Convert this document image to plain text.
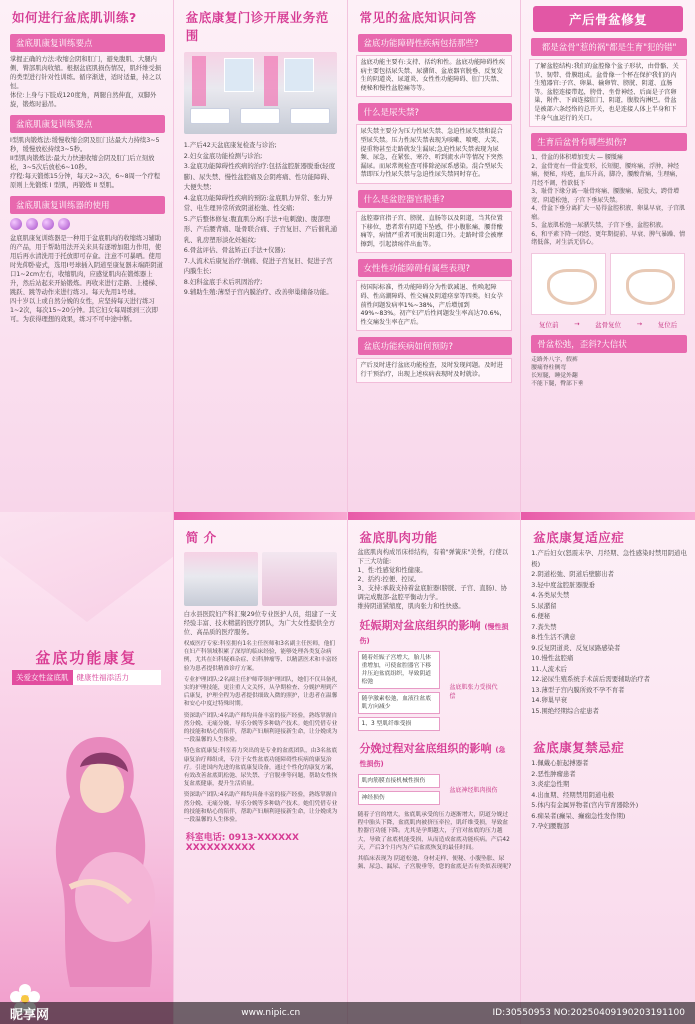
如何进行盆底肌训练?
盆底肌康复训练要点
掌握正确的方法:收缩会阴和肛门，避免腹肌、大腿内侧、臀部肌肉收缩。根据盆底肌损伤情况，肌纤维受损的类型进行针对性训练。循序渐进，适时适量，持之以恒。
体位:上身与下肢成120度角，两腿自然伸直，双脚外旋，锻炼时悬吊。
盆底肌康复训练要点
I型肌肉锻炼法:缓慢收缩会阴及肛门达最大力持续3~5秒，缓慢放松持续3~5秒。
II型肌肉锻炼法:最大力快速收缩会阴及肛门后立刻放松，3~5次后放松6~10秒。
疗程:每天锻炼15分钟，每天2~3次，6~8周一个疗程原则上先锻炼 I 型肌，再锻炼 II 型肌。
盆底肌康复训练器的使用
盆底肌康复训练器是一种用于盆底肌肉的收缩练习辅助的产品，用于帮助用法开关来具有逐增加阻力作用，使用后再水清洗用于托放即可存盒。注意不可暴晒。使用时先仰卧姿式，选用I号球插入阴道至康复器末端距阴道口1~2cm左右，收缩肌肉，应感觉肌肉在锻炼器上升，然后站起来开始锻炼。再收来进行走路、上楼梯、跳跃、跳等动作来进行练习。每天先用1号球。
四十岁以上或自然分娩的女性，应坚持每天进行练习1~2次，每次15~20分钟。其它妇女每周练到三次即可。为获得理想的效果，练习不可中途中断。
盆底康复门诊开展业务范围
1.产后42天盆底康复检查与诊治;
2.妇女盆底功能检测与诊治;
3.盆底功能障碍性疾病的治疗:包括盆腔脏器脱垂(轻度膨)、尿失禁、慢性盆腔痛及会阴疼痛、性功能障碍、大便失禁;
4.盆底功能障碍性疾病的预防:盆底肌力异常、张力异常、电生理异常所致阴道松弛、性交痛;
5.产后整体修复:腹直肌分离(手法+电刺激)、腹部塑形、产后腰背痛、耻骨联合痛、子宫复旧、产后催乳通乳、乳房塑形淡化妊娠纹;
6.骨盆评估、骨盆矫正(手法+仪器);
7.人流术后康复治疗:镇痛、促进子宫复旧、促进子宫内膜生长;
8.妇科盆底手术后巩固治疗;
9.辅助生殖:薄型子宫内膜治疗、改善卵巢储备功能。
常见的盆底知识问答
盆底功能障碍性疾病包括那些?
盆底功能主要有:支持、括约和性。盆底功能障碍性疾病主要包括尿失禁、尿潴留、盆底器官脱垂、反复发生的阴道炎、尿道炎、女性性功能障碍、肛门失禁、便秘和慢性盆腔痛等等。
什么是尿失禁?
尿失禁主要分为压力性尿失禁、急迫性尿失禁和混合型尿失禁。压力性尿失禁表现为咳嗽、喷嚏、大笑、提重物甚至走路就发生漏尿;急迫性尿失禁表现为尿频、尿急，在紧张、寒冷、听到流水声等情况下突然漏尿。而尿常规检查可排除泌尿系感染。混合型尿失禁即压力性尿失禁与急迫性尿失禁同时存在。
什么是盆腔器官脱垂?
盆腔器官指子宫、膀胱、直肠等以及阴道，当其位置下移位，患者常有阴道下坠感，伴小腹胀痛，腰背酸痛等，病情严重者可脱出阴道口外。走路时常会被摩擦到，引起溃疡伴出血等。
女性性功能障碍有属些表现?
按国际标准，性功能障碍分为性欲减退、性唤起障碍、性高潮障碍、性交痛及阴道痉挛等四类。妇女孕前性问题发病率1%~38%，产后增加到49%~83%。初产妇产后性问题发生率高达70.6%，性交痛发生率在产后。
盆底功能疾病如何预防?
产后及时进行盆底功能检查，及时发现问题。及时进行干预治疗，出现上述疾病表现时及时就诊。
产后骨盆修复
都是盆骨"惹的祸"都是生育"犯的错"
了解盆腔结构:我们的盆腔像个盆子形状，由骨骼、关节、韧带、骨膜组成。盆骨像一个杯在保护我们的内生殖器官:子宫、卵巢、输卵管、膀胱、阴道、直肠等。盆腔连接带起，胯骨、坐骨神经、后面是子宫卵巢，附件、下面连接肛门、阴道，腹股沟淋巴。骨盆是被部六条经络的总开关，也是连接人体上半身和下半身气血运行的关口。
生育后盆骨有哪些损伤?
1、骨盆的体积增加变大 — 腰骶痛
2、盆骨宽右一骨盆变形，长短腿，腰疼痛，浮肿，神经痛，便秘，痔疮，血压升高，脚冷，腰酸背痛，生理痛，月经不调，性欲低下
3、耻骨下缘分离一耻骨疼痛、腰腹痛、屁股大，跨骨增宽、阴道松弛，子宫下垂尿失禁。
4、骨盆下垂分离扩大一易得盆腔积液、卵巢早衰，子宫肌瘤。
5、盆底肌松弛一尿潴失禁，子宫下垂，盆腔积液。
6、和平素下降一闭经、更年期提前、早衰、脾气暴躁、情绪低落，对生活无信心。
复位前 → 盆骨复位 → 复位后
骨盆松弛，歪斜?大信状
走路外八字，假裤
腰痛脊柱侧弯
长短腿，睡觉外翻
不能下腿，臀部下垂
盆底功能康复
关爱女性盆底肌	健康性福添活力
简 介
白水县医院妇产科汇聚29位专业医护人员，组建了一支经验丰富、技术精湛的医疗团队，为广大女性提供全方位、高品质的医疗服务。
权威医疗专家:科室拥有1名主任医师和3名副主任医师，他们在妇产科领域积累了深厚的临床经验，能够处理各类复杂病例，尤其在妇科疑难杂症、妇科肿瘤等、以精湛医术和丰富经验为患者提供精准诊疗方案。
专业护理团队:2名副主任护师带领护理团队，她们不仅具备扎实的护理技能，更注重人文关怀，从孕期检查、分娩护理到产后康复，护理全程为患者提供细致入微的照护，让患者在温馨和安心中度过特殊时期。
资深助产团队:4名助产师均具备丰富的接产经验，熟练掌握自然分娩、无痛分娩、导乐分娩等多种助产技术。她们凭借专业的技能和贴心的陪伴，帮助产妇顺利迎接新生命，让分娩成为一段温馨的人生体验。
特色盆底康复:科室着力突出的是专业的盆底团队，由3名盆底康复治疗师组成，专注于女性盆底功能障碍性疾病的康复治疗。引进国内先进的盆底康复设备，通过个性化的康复方案，有效改善盆底肌松弛、尿失禁、子宫脱垂等问题，帮助女性恢复盆底健康，提升生活质量。
资深助产团队:4名助产师均具备丰富的接产经验，熟练掌握自然分娩、无痛分娩、导乐分娩等多种助产技术。她们凭借专业的技能和贴心的陪伴，帮助产妇顺利迎接新生命，让分娩成为一段温馨的人生体验。
科室电话: 0913-XXXXXX XXXXXXXXXX
盆底肌肉功能
盆底肌肉构成吊床样结构，有着"弹簧床"美誉，行使以下三大功能:
1、性:性感觉和性健康。
2、括约:控便、控尿。
3、支持:承载支持着盆底脏器(膀胱、子宫、直肠)、协调完成腹部-盆腔平衡动力学。
维持阴道紧缩度，肌肉张力和性快感。
妊娠期对盆底组织的影响 (慢性损伤)
随着妊娠子宫增大，胎儿体重增加，可使盆腔器官下移并压迫盆底组织，导致阴道松弛
随孕激素松弛，血液往盆底肌方向减少
1、3 型肌纤维受损
盆底肌张力受损代偿
分娩过程对盆底组织的影响 (急性损伤)
肌肉筋膜直接机械性损伤
神经损伤
盆底神经肌肉损伤
随着子宫的增大，盆底肌承受的压力逐渐增大，阴道分娩过程中胎头下降，盆底肌肉被挤压牵拉，肌纤维受损，导致盆腔器官功能下降。尤其是孕期越大，子宫对盆底的压力越大，导致了盆底机能受损，从而造成盆底功能疾病。产后42天，产后3个月内为产后盆底恢复的最佳时间。
其临床表现为 阴道松弛、身材走样、便秘、小腹坠胀、尿频、尿急、漏尿、子宫脱垂等，您的盆底是否有类似表现呢?
盆底康复适应症
1.产后妇女(怒震末孕、月经期、急性感染时禁用阴道电极)
2.阴道松弛、阴道后壁膨出者
3.轻中度盆腔脏器脱垂
4.各类尿失禁
5.尿潴留
6.便秘
7.粪失禁
8.性生活不满意
9.反复阴道炎、反复尿路感染者
10.慢性盆腔痛
11.人流术后
12.泌尿生殖系统手术前后需要辅助治疗者
13.薄型子宫内膜所致不孕不育者
14.卵巢早衰
15.围绝经期综合症患者
盆底康复禁忌症
1.佩戴心脏起搏器者
2.恶性肿瘤患者
3.炎症急性期
4.出血期、经期禁用阴道电极
5.体内有金属异物者(宫内节育器除外)
6.痴呆者(癫呆、癫痫急性发作期)
7.孕妇腰腹部
昵享网	www.nipic.cn	ID:30550953 NO:20250409190203191100
